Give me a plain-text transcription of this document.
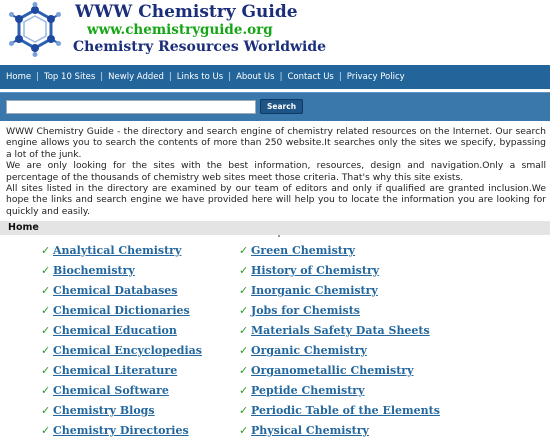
WWW Chemistry Guide
www.chemistryguide.org
Chemistry Resources Worldwide
Home | Top 10 Sites | Newly Added | Links to Us | About Us | Contact Us | Privacy Policy
Search

WWW Chemistry Guide - the directory and search engine of chemistry related resources on the Internet. Our search engine allows you to search the contents of more than 250 website.It searches only the sites we specify, bypassing a lot of the junk.

We are only looking for the sites with the best information, resources, design and navigation.Only a small percentage of the thousands of chemistry web sites meet those criteria. That's why this site exists.

All sites listed in the directory are examined by our team of editors and only if qualified are granted inclusion.We hope the links and search engine we have provided here will help you to locate the information you are looking for quickly and easily.

Home
✓ Analytical Chemistry
✓ Biochemistry
✓ Chemical Databases
✓ Chemical Dictionaries
✓ Chemical Education
✓ Chemical Encyclopedias
✓ Chemical Literature
✓ Chemical Software
✓ Chemistry Blogs
✓ Chemistry Directories
✓ Green Chemistry
✓ History of Chemistry
✓ Inorganic Chemistry
✓ Jobs for Chemists
✓ Materials Safety Data Sheets
✓ Organic Chemistry
✓ Organometallic Chemistry
✓ Peptide Chemistry
✓ Periodic Table of the Elements
✓ Physical Chemistry
